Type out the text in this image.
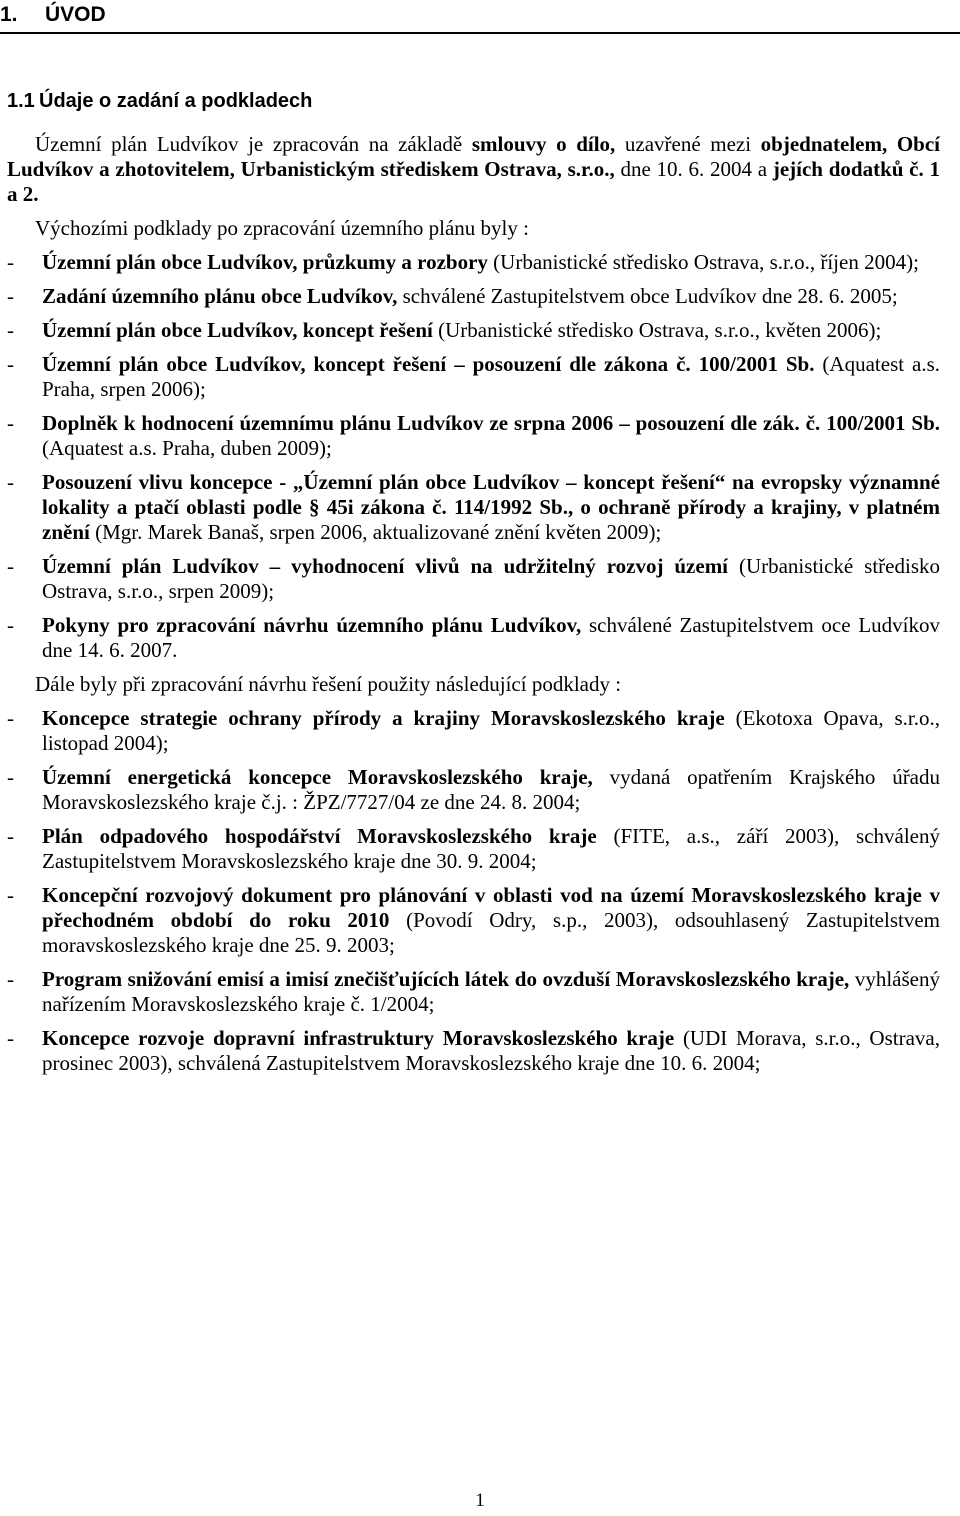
1. ÚVOD
1.1 Údaje o zadání a podkladech

Územní plán Ludvíkov je zpracován na základě smlouvy o dílo, uzavřené mezi objednatelem, Obcí Ludvíkov a zhotovitelem, Urbanistickým střediskem Ostrava, s.r.o., dne 10. 6. 2004 a jejích dodatků č. 1 a 2.

Výchozími podklady po zpracování územního plánu byly :

- Územní plán obce Ludvíkov, průzkumy a rozbory (Urbanistické středisko Ostrava, s.r.o., říjen 2004);
- Zadání územního plánu obce Ludvíkov, schválené Zastupitelstvem obce Ludvíkov dne 28. 6. 2005;
- Územní plán obce Ludvíkov, koncept řešení (Urbanistické středisko Ostrava, s.r.o., květen 2006);
- Územní plán obce Ludvíkov, koncept řešení – posouzení dle zákona č. 100/2001 Sb. (Aquatest a.s. Praha, srpen 2006);
- Doplněk k hodnocení územnímu plánu Ludvíkov ze srpna 2006 – posouzení dle zák. č. 100/2001 Sb. (Aquatest a.s. Praha, duben 2009);
- Posouzení vlivu koncepce - „Územní plán obce Ludvíkov – koncept řešení“ na evropsky významné lokality a ptačí oblasti podle § 45i zákona č. 114/1992 Sb., o ochraně přírody a krajiny, v platném znění (Mgr. Marek Banaš, srpen 2006, aktualizované znění květen 2009);
- Územní plán Ludvíkov – vyhodnocení vlivů na udržitelný rozvoj území (Urbanistické středisko Ostrava, s.r.o., srpen 2009);
- Pokyny pro zpracování návrhu územního plánu Ludvíkov, schválené Zastupitelstvem oce Ludvíkov dne 14. 6. 2007.

Dále byly při zpracování návrhu řešení použity následující podklady :

- Koncepce strategie ochrany přírody a krajiny Moravskoslezského kraje (Ekotoxa Opava, s.r.o., listopad 2004);
- Územní energetická koncepce Moravskoslezského kraje, vydaná opatřením Krajského úřadu Moravskoslezského kraje č.j. : ŽPZ/7727/04 ze dne 24. 8. 2004;
- Plán odpadového hospodářství Moravskoslezského kraje (FITE, a.s., září 2003), schválený Zastupitelstvem Moravskoslezského kraje dne 30. 9. 2004;
- Koncepční rozvojový dokument pro plánování v oblasti vod na území Moravskoslezského kraje v přechodném období do roku 2010 (Povodí Odry, s.p., 2003), odsouhlasený Zastupitelstvem moravskoslezského kraje dne 25. 9. 2003;
- Program snižování emisí a imisí znečišťujících látek do ovzduší Moravskoslezského kraje, vyhlášený nařízením Moravskoslezského kraje č. 1/2004;
- Koncepce rozvoje dopravní infrastruktury Moravskoslezského kraje (UDI Morava, s.r.o., Ostrava, prosinec 2003), schválená Zastupitelstvem Moravskoslezského kraje dne 10. 6. 2004;
1
